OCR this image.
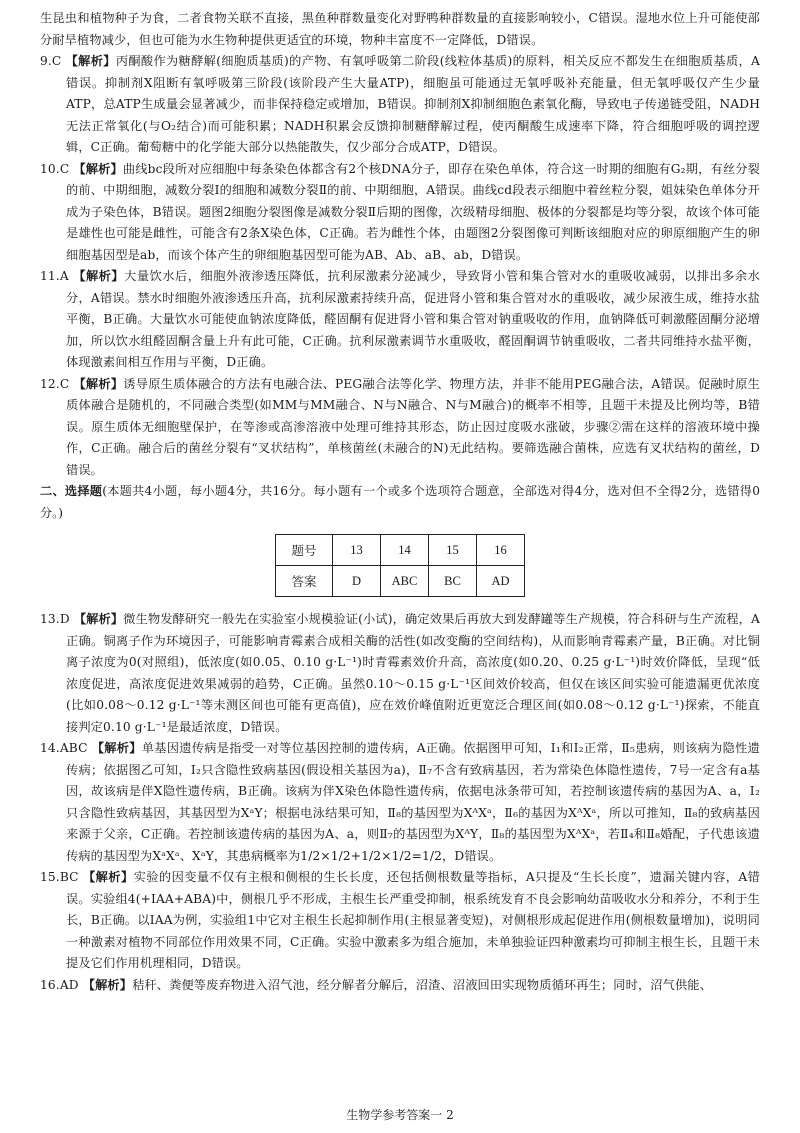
生昆虫和植物种子为食，二者食物关联不直接，黑鱼种群数量变化对野鸭种群数量的直接影响较小，C错误。湿地水位上升可能使部分耐旱植物减少，但也可能为水生物种提供更适宜的环境，物种丰富度不一定降低，D错误。

9.C 【解析】丙酮酸作为糖酵解(细胞质基质)的产物、有氧呼吸第二阶段(线粒体基质)的原料，相关反应不都发生在细胞质基质，A错误。抑制剂X阻断有氧呼吸第三阶段(该阶段产生大量ATP)，细胞虽可能通过无氧呼吸补充能量，但无氧呼吸仅产生少量ATP，总ATP生成量会显著减少，而非保持稳定或增加，B错误。抑制剂X抑制细胞色素氧化酶，导致电子传递链受阻，NADH无法正常氧化(与O₂结合)而可能积累；NADH积累会反馈抑制糖酵解过程，使丙酮酸生成速率下降，符合细胞呼吸的调控逻辑，C正确。葡萄糖中的化学能大部分以热能散失，仅少部分合成ATP，D错误。

10.C 【解析】曲线bc段所对应细胞中每条染色体都含有2个核DNA分子，即存在染色单体，符合这一时期的细胞有G₂期，有丝分裂的前、中期细胞，减数分裂Ⅰ的细胞和减数分裂Ⅱ的前、中期细胞，A错误。曲线cd段表示细胞中着丝粒分裂，姐妹染色单体分开成为子染色体，B错误。题图2细胞分裂图像是减数分裂Ⅱ后期的图像，次级精母细胞、极体的分裂都是均等分裂，故该个体可能是雄性也可能是雌性，可能含有2条X染色体，C正确。若为雌性个体，由题图2分裂图像可判断该细胞对应的卵原细胞产生的卵细胞基因型是ab，而该个体产生的卵细胞基因型可能为AB、Ab、aB、ab，D错误。

11.A 【解析】大量饮水后，细胞外液渗透压降低，抗利尿激素分泌减少，导致肾小管和集合管对水的重吸收减弱，以排出多余水分，A错误。禁水时细胞外液渗透压升高，抗利尿激素持续升高，促进肾小管和集合管对水的重吸收，减少尿液生成，维持水盐平衡，B正确。大量饮水可能使血钠浓度降低，醛固酮有促进肾小管和集合管对钠重吸收的作用，血钠降低可刺激醛固酮分泌增加，所以饮水组醛固酮含量上升有此可能，C正确。抗利尿激素调节水重吸收，醛固酮调节钠重吸收，二者共同维持水盐平衡，体现激素间相互作用与平衡，D正确。

12.C 【解析】诱导原生质体融合的方法有电融合法、PEG融合法等化学、物理方法，并非不能用PEG融合法，A错误。促融时原生质体融合是随机的，不同融合类型(如MM与MM融合、N与N融合、N与M融合)的概率不相等，且题干未提及比例均等，B错误。原生质体无细胞壁保护，在等渗或高渗溶液中处理可维持其形态，防止因过度吸水涨破，步骤②需在这样的溶液环境中操作，C正确。融合后的菌丝分裂有“叉状结构”，单核菌丝(未融合的N)无此结构。要筛选融合菌株，应选有叉状结构的菌丝，D错误。

二、选择题(本题共4小题，每小题4分，共16分。每小题有一个或多个选项符合题意，全部选对得4分，选对但不全得2分，选错得0分。)

题号	13	14	15	16
答案	D	ABC	BC	AD

13.D 【解析】微生物发酵研究一般先在实验室小规模验证(小试)，确定效果后再放大到发酵罐等生产规模，符合科研与生产流程，A正确。铜离子作为环境因子，可能影响青霉素合成相关酶的活性(如改变酶的空间结构)，从而影响青霉素产量，B正确。对比铜离子浓度为0(对照组)，低浓度(如0.05、0.10 g·L⁻¹)时青霉素效价升高，高浓度(如0.20、0.25 g·L⁻¹)时效价降低，呈现“低浓度促进，高浓度促进效果减弱的趋势，C正确。虽然0.10～0.15 g·L⁻¹区间效价较高，但仅在该区间实验可能遗漏更优浓度(比如0.08～0.12 g·L⁻¹等未测区间也可能有更高值)，应在效价峰值附近更宽泛合理区间(如0.08～0.12 g·L⁻¹)探索，不能直接判定0.10 g·L⁻¹是最适浓度，D错误。

14.ABC 【解析】单基因遗传病是指受一对等位基因控制的遗传病，A正确。依据图甲可知，Ⅰ₁和Ⅰ₂正常，Ⅱ₅患病，则该病为隐性遗传病；依据图乙可知，Ⅰ₂只含隐性致病基因(假设相关基因为a)，Ⅱ₇不含有致病基因，若为常染色体隐性遗传，7号一定含有a基因，故该病是伴X隐性遗传病，B正确。该病为伴X染色体隐性遗传病，依据电泳条带可知，若控制该遗传病的基因为A、a，Ⅰ₂只含隐性致病基因，其基因型为XᵃY；根据电泳结果可知，Ⅱ₈的基因型为XᴬXᵃ，Ⅱ₆的基因为XᴬXᵃ，所以可推知，Ⅱ₈的致病基因来源于父亲，C正确。若控制该遗传病的基因为A、a，则Ⅱ₇的基因型为XᴬY，Ⅱ₈的基因型为XᴬXᵃ，若Ⅱ₄和Ⅱ₈婚配，子代患该遗传病的基因型为XᵃXᵃ、XᵃY，其患病概率为1/2×1/2+1/2×1/2=1/2，D错误。

15.BC 【解析】实验的因变量不仅有主根和侧根的生长长度，还包括侧根数量等指标，A只提及“生长长度”，遗漏关键内容，A错误。实验组4(+IAA+ABA)中，侧根几乎不形成，主根生长严重受抑制，根系统发育不良会影响幼苗吸收水分和养分，不利于生长，B正确。以IAA为例，实验组1中它对主根生长起抑制作用(主根显著变短)，对侧根形成起促进作用(侧根数量增加)，说明同一种激素对植物不同部位作用效果不同，C正确。实验中激素多为组合施加，未单独验证四种激素均可抑制主根生长，且题干未提及它们作用机理相同，D错误。

16.AD 【解析】秸秆、粪便等废弃物进入沼气池，经分解者分解后，沼渣、沼液回田实现物质循环再生；同时，沼气供能、

生物学参考答案一 2
